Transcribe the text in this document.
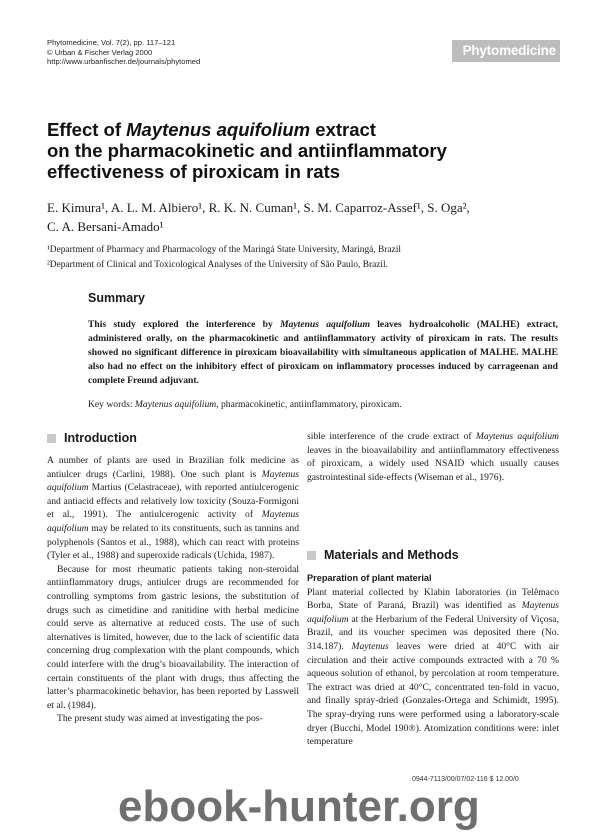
Phytomedicine, Vol. 7(2), pp. 117–121
© Urban & Fischer Verlag 2000
http://www.urbanfischer.de/journals/phytomed
Phytomedicine
Effect of Maytenus aquifolium extract
on the pharmacokinetic and antiinflammatory
effectiveness of piroxicam in rats
E. Kimura¹, A. L. M. Albiero¹, R. K. N. Cuman¹, S. M. Caparroz-Assef¹, S. Oga²,
C. A. Bersani-Amado¹
¹Department of Pharmacy and Pharmacology of the Maringá State University, Maringá, Brazil
²Department of Clinical and Toxicological Analyses of the University of São Paulo, Brazil.
Summary
This study explored the interference by Maytenus aquifolium leaves hydroalcoholic (MALHE) extract, administered orally, on the pharmacokinetic and antiinflammatory activity of piroxicam in rats. The results showed no significant difference in piroxicam bioavailability with simultaneous application of MALHE. MALHE also had no effect on the inhibitory effect of piroxicam on inflammatory processes induced by carrageenan and complete Freund adjuvant.
Key words: Maytenus aquifolium, pharmacokinetic, antiinflammatory, piroxicam.
Introduction

A number of plants are used in Brazilian folk medicine as antiulcer drugs (Carlini, 1988). One such plant is Maytenus aquifolium Martius (Celastraceae), with reported antiulcerogenic and antiacid effects and relatively low toxicity (Souza-Formigoni et al., 1991). The antiulcerogenic activity of Maytenus aquifolium may be related to its constituents, such as tannins and polyphenols (Santos et al., 1988), which can react with proteins (Tyler et al., 1988) and superoxide radicals (Uchida, 1987).

Because for most rheumatic patients taking non-steroidal antiinflammatory drugs, antiulcer drugs are recommended for controlling symptoms from gastric lesions, the substitution of drugs such as cimetidine and ranitidine with herbal medicine could serve as alternative at reduced costs. The use of such alternatives is limited, however, due to the lack of scientific data concerning drug complexation with the plant compounds, which could interfere with the drug’s bioavailability. The interaction of certain constituents of the plant with drugs, thus affecting the latter’s pharmacokinetic behavior, has been reported by Lasswell et al. (1984).

The present study was aimed at investigating the pos-

sible interference of the crude extract of Maytenus aquifolium leaves in the bioavailability and antiinflammatory effectiveness of piroxicam, a widely used NSAID which usually causes gastrointestinal side-effects (Wiseman et al., 1976).

Materials and Methods
Preparation of plant material

Plant material collected by Klabin laboratories (in Telêmaco Borba, State of Paraná, Brazil) was identified as Maytenus aquifolium at the Herbarium of the Federal University of Viçosa, Brazil, and its voucher specimen was deposited there (No. 314.187). Maytenus leaves were dried at 40°C with air circulation and their active compounds extracted with a 70 % aqueous solution of ethanol, by percolation at room temperature. The extract was dried at 40°C, concentrated ten-fold in vacuo, and finally spray-dried (Gonzales-Ortega and Schimidt, 1995). The spray-drying runs were performed using a laboratory-scale dryer (Bucchi, Model 190®). Atomization conditions were: inlet temperature

0944-7113/00/07/02-116 $ 12.00/0
ebook-hunter.org
